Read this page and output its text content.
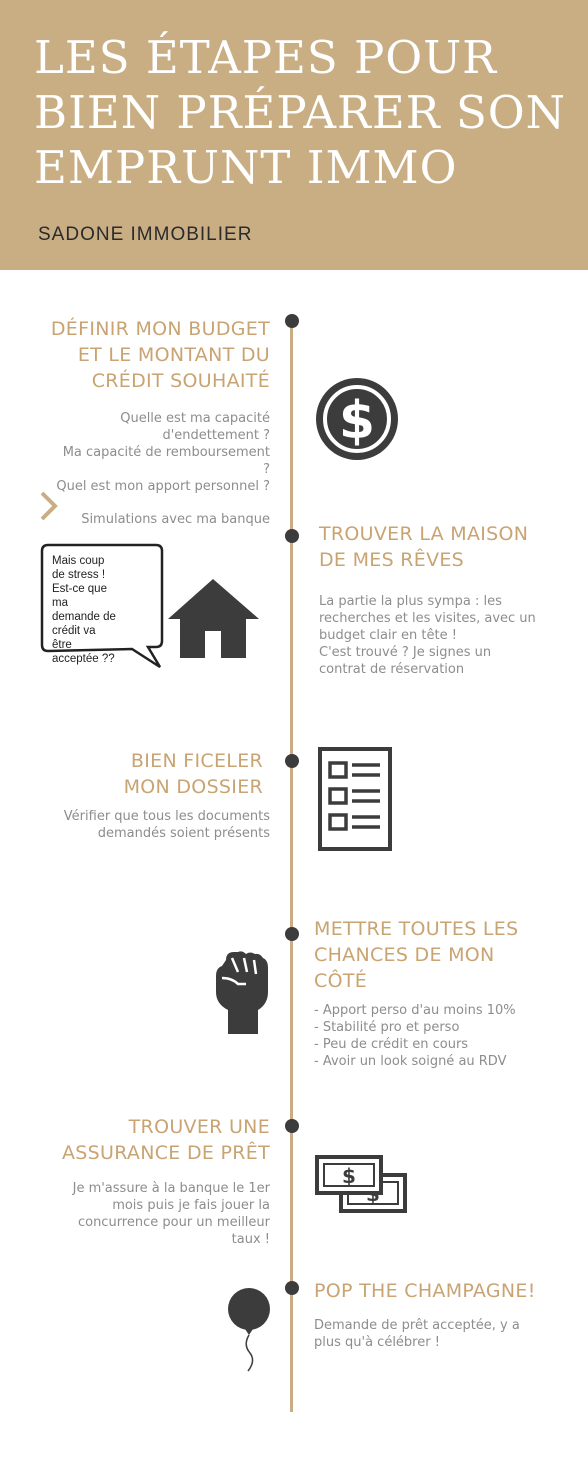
LES ÉTAPES POUR
BIEN PRÉPARER SON
EMPRUNT IMMO
SADONE IMMOBILIER
DÉFINIR MON BUDGET
ET LE MONTANT DU
CRÉDIT SOUHAITÉ
Quelle est ma capacité
d'endettement ?
Ma capacité de remboursement
?
Quel est mon apport personnel ?
Simulations avec ma banque
$
TROUVER LA MAISON
DE MES RÊVES
La partie la plus sympa : les
recherches et les visites, avec un
budget clair en tête !
C'est trouvé ? Je signes un
contrat de réservation
Mais coup
de stress !
Est-ce que
ma
demande de
crédit va
être
acceptée ??
BIEN FICELER
MON DOSSIER
Vérifier que tous les documents
demandés soient présents
METTRE TOUTES LES
CHANCES DE MON
CÔTÉ
- Apport perso d'au moins 10%
- Stabilité pro et perso
- Peu de crédit en cours
- Avoir un look soigné au RDV
TROUVER UNE
ASSURANCE DE PRÊT
Je m'assure à la banque le 1er
mois puis je fais jouer la
concurrence pour un meilleur
taux !
$
POP THE CHAMPAGNE!
Demande de prêt acceptée, y a
plus qu'à célébrer !
